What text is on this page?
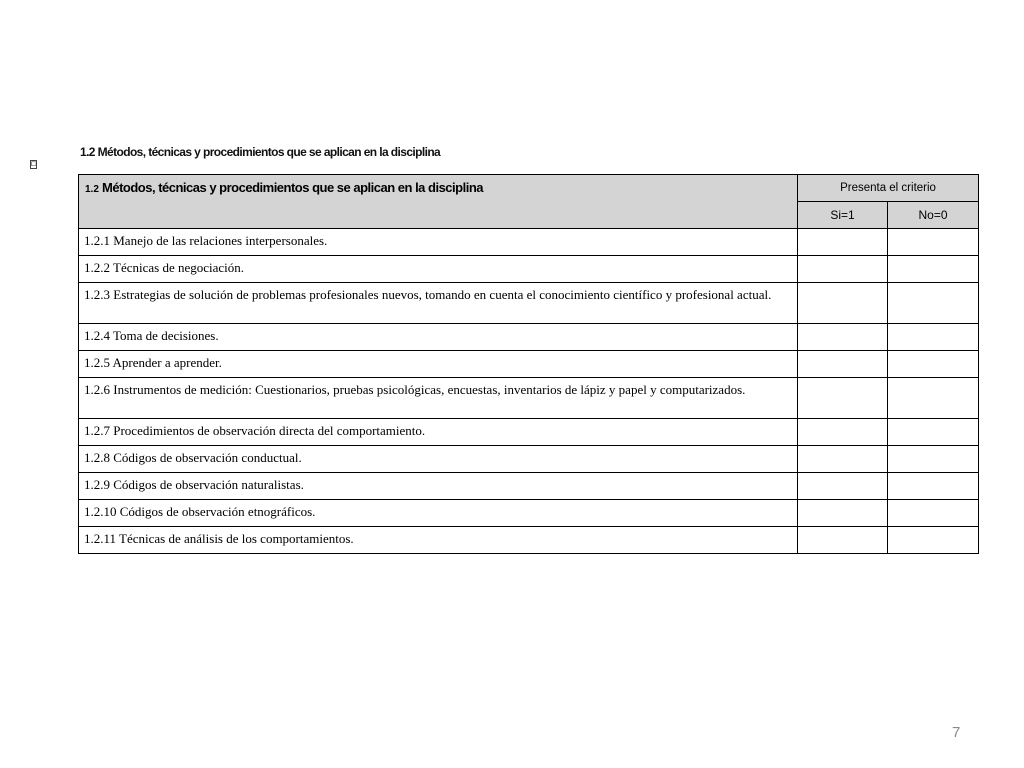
⧠
1.2 Métodos, técnicas y procedimientos que se aplican en la disciplina
1.2 Métodos, técnicas y procedimientos que se aplican en la disciplina	Presenta el criterio	
	Si=1	No=0
1.2.1 Manejo de las relaciones interpersonales.		
1.2.2 Técnicas de negociación.		
1.2.3 Estrategias de solución de problemas profesionales nuevos, tomando en cuenta el conocimiento científico y profesional actual.		
1.2.4 Toma de decisiones.		
1.2.5 Aprender a aprender.		
1.2.6 Instrumentos de medición: Cuestionarios, pruebas psicológicas, encuestas, inventarios de lápiz y papel y computarizados.		
1.2.7 Procedimientos de observación directa del comportamiento.		
1.2.8 Códigos de observación conductual.		
1.2.9 Códigos de observación naturalistas.		
1.2.10 Códigos de observación etnográficos.		
1.2.11 Técnicas de análisis de los comportamientos.		
7
